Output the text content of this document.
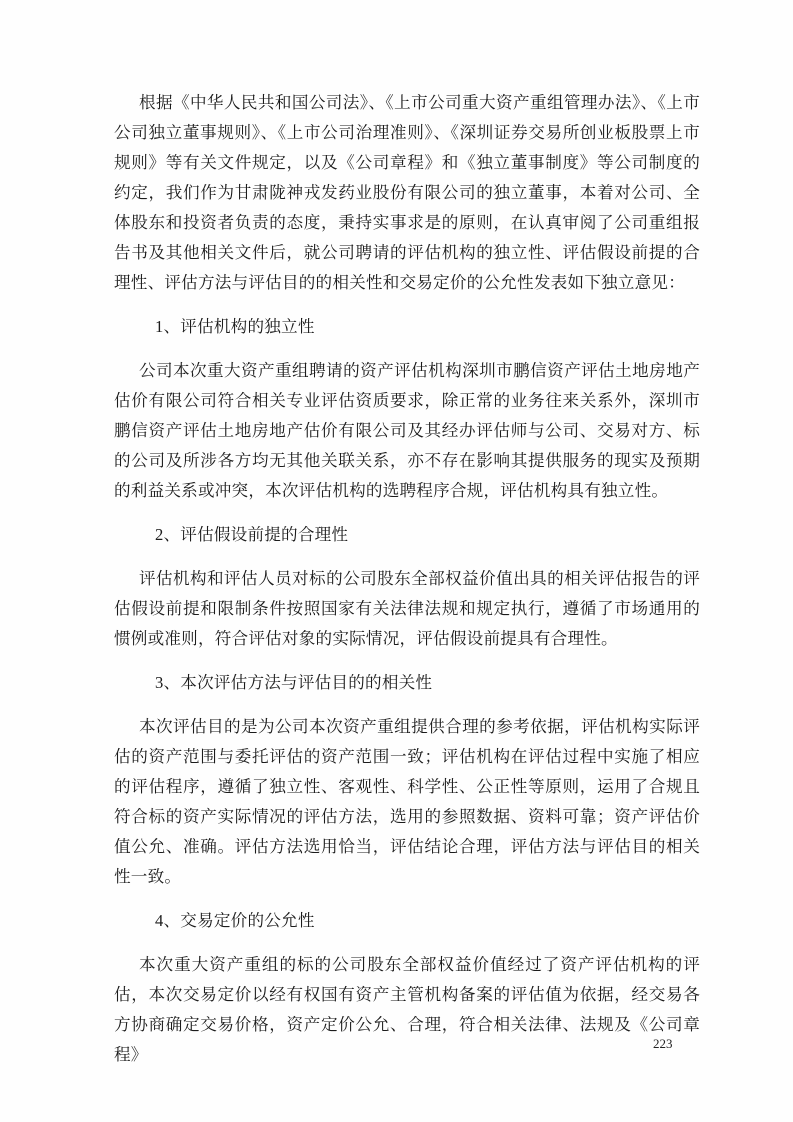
根据《中华人民共和国公司法》、《上市公司重大资产重组管理办法》、《上市公司独立董事规则》、《上市公司治理准则》、《深圳证券交易所创业板股票上市规则》等有关文件规定，以及《公司章程》和《独立董事制度》等公司制度的约定，我们作为甘肃陇神戎发药业股份有限公司的独立董事，本着对公司、全体股东和投资者负责的态度，秉持实事求是的原则，在认真审阅了公司重组报告书及其他相关文件后，就公司聘请的评估机构的独立性、评估假设前提的合理性、评估方法与评估目的的相关性和交易定价的公允性发表如下独立意见：

1、评估机构的独立性

公司本次重大资产重组聘请的资产评估机构深圳市鹏信资产评估土地房地产估价有限公司符合相关专业评估资质要求，除正常的业务往来关系外，深圳市鹏信资产评估土地房地产估价有限公司及其经办评估师与公司、交易对方、标的公司及所涉各方均无其他关联关系，亦不存在影响其提供服务的现实及预期的利益关系或冲突，本次评估机构的选聘程序合规，评估机构具有独立性。

2、评估假设前提的合理性

评估机构和评估人员对标的公司股东全部权益价值出具的相关评估报告的评估假设前提和限制条件按照国家有关法律法规和规定执行，遵循了市场通用的惯例或准则，符合评估对象的实际情况，评估假设前提具有合理性。

3、本次评估方法与评估目的的相关性

本次评估目的是为公司本次资产重组提供合理的参考依据，评估机构实际评估的资产范围与委托评估的资产范围一致；评估机构在评估过程中实施了相应的评估程序，遵循了独立性、客观性、科学性、公正性等原则，运用了合规且符合标的资产实际情况的评估方法，选用的参照数据、资料可靠；资产评估价值公允、准确。评估方法选用恰当，评估结论合理，评估方法与评估目的相关性一致。

4、交易定价的公允性

本次重大资产重组的标的公司股东全部权益价值经过了资产评估机构的评估，本次交易定价以经有权国有资产主管机构备案的评估值为依据，经交易各方协商确定交易价格，资产定价公允、合理，符合相关法律、法规及《公司章程》

223
